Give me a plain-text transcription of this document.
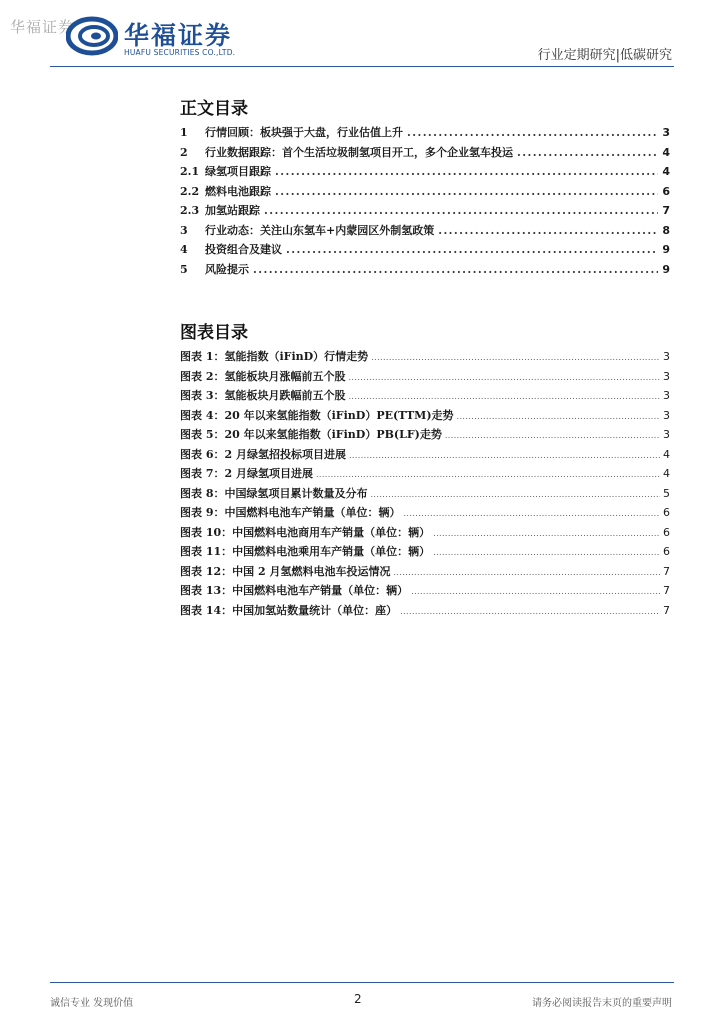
华福证券 华福证券
HUAFU SECURITIES CO.,LTD.	行业定期研究|低碳研究
正文目录
1	行情回顾：板块强于大盘，行业估值上升 .....	3
2	行业数据跟踪：首个生活垃圾制氢项目开工，多个企业氢车投运 .....	4
2.1 绿氢项目跟踪 .....	4
2.2 燃料电池跟踪 .....	6
2.3 加氢站跟踪 .....	7
3	行业动态：关注山东氢车+内蒙园区外制氢政策 .....	8
4	投资组合及建议 .....	9
5	风险提示 .....	9
图表目录
图表 1：氢能指数（iFinD）行情走势 .....	3
图表 2：氢能板块月涨幅前五个股 .....	3
图表 3：氢能板块月跌幅前五个股 .....	3
图表 4：20 年以来氢能指数（iFinD）PE(TTM)走势 .....	3
图表 5：20 年以来氢能指数（iFinD）PB(LF)走势 .....	3
图表 6：2 月绿氢招投标项目进展 .....	4
图表 7：2 月绿氢项目进展 .....	4
图表 8：中国绿氢项目累计数量及分布 .....	5
图表 9：中国燃料电池车产销量（单位：辆） .....	6
图表 10：中国燃料电池商用车产销量（单位：辆） .....	6
图表 11：中国燃料电池乘用车产销量（单位：辆） .....	6
图表 12：中国 2 月氢燃料电池车投运情况 .....	7
图表 13：中国燃料电池车产销量（单位：辆） .....	7
图表 14：中国加氢站数量统计（单位：座） .....	7
诚信专业 发现价值	2	请务必阅读报告末页的重要声明
